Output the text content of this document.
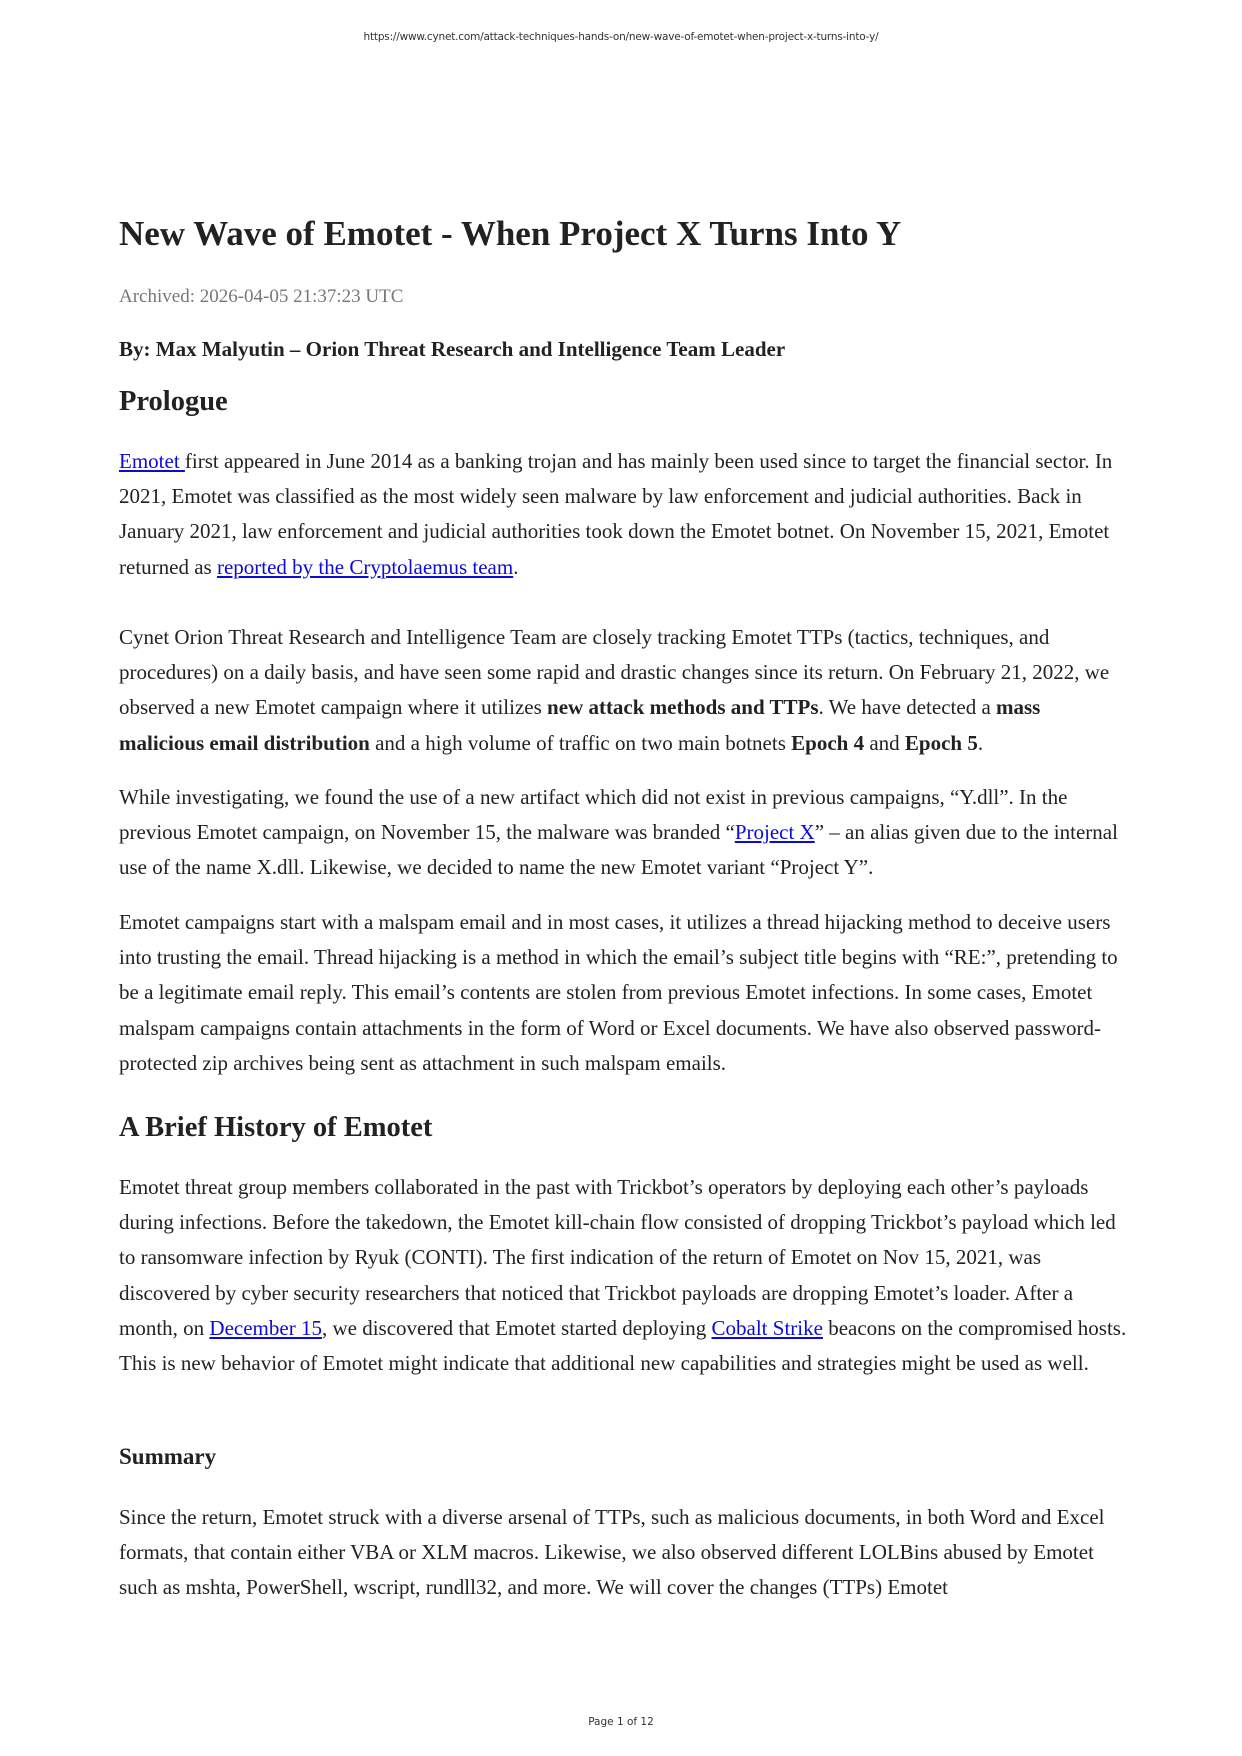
https://www.cynet.com/attack-techniques-hands-on/new-wave-of-emotet-when-project-x-turns-into-y/
New Wave of Emotet - When Project X Turns Into Y
Archived: 2026-04-05 21:37:23 UTC
By: Max Malyutin – Orion Threat Research and Intelligence Team Leader
Prologue

Emotet first appeared in June 2014 as a banking trojan and has mainly been used since to target the financial sector. In 2021, Emotet was classified as the most widely seen malware by law enforcement and judicial authorities. Back in January 2021, law enforcement and judicial authorities took down the Emotet botnet. On November 15, 2021, Emotet returned as reported by the Cryptolaemus team.

Cynet Orion Threat Research and Intelligence Team are closely tracking Emotet TTPs (tactics, techniques, and procedures) on a daily basis, and have seen some rapid and drastic changes since its return. On February 21, 2022, we observed a new Emotet campaign where it utilizes new attack methods and TTPs. We have detected a mass malicious email distribution and a high volume of traffic on two main botnets Epoch 4 and Epoch 5.

While investigating, we found the use of a new artifact which did not exist in previous campaigns, “Y.dll”. In the previous Emotet campaign, on November 15, the malware was branded “Project X” – an alias given due to the internal use of the name X.dll. Likewise, we decided to name the new Emotet variant “Project Y”.

Emotet campaigns start with a malspam email and in most cases, it utilizes a thread hijacking method to deceive users into trusting the email. Thread hijacking is a method in which the email’s subject title begins with “RE:”, pretending to be a legitimate email reply. This email’s contents are stolen from previous Emotet infections. In some cases, Emotet malspam campaigns contain attachments in the form of Word or Excel documents. We have also observed password-protected zip archives being sent as attachment in such malspam emails.

A Brief History of Emotet

Emotet threat group members collaborated in the past with Trickbot’s operators by deploying each other’s payloads during infections. Before the takedown, the Emotet kill-chain flow consisted of dropping Trickbot’s payload which led to ransomware infection by Ryuk (CONTI). The first indication of the return of Emotet on Nov 15, 2021, was discovered by cyber security researchers that noticed that Trickbot payloads are dropping Emotet’s loader. After a month, on December 15, we discovered that Emotet started deploying Cobalt Strike beacons on the compromised hosts. This is new behavior of Emotet might indicate that additional new capabilities and strategies might be used as well.

Summary

Since the return, Emotet struck with a diverse arsenal of TTPs, such as malicious documents, in both Word and Excel formats, that contain either VBA or XLM macros. Likewise, we also observed different LOLBins abused by Emotet such as mshta, PowerShell, wscript, rundll32, and more. We will cover the changes (TTPs) Emotet

Page 1 of 12
